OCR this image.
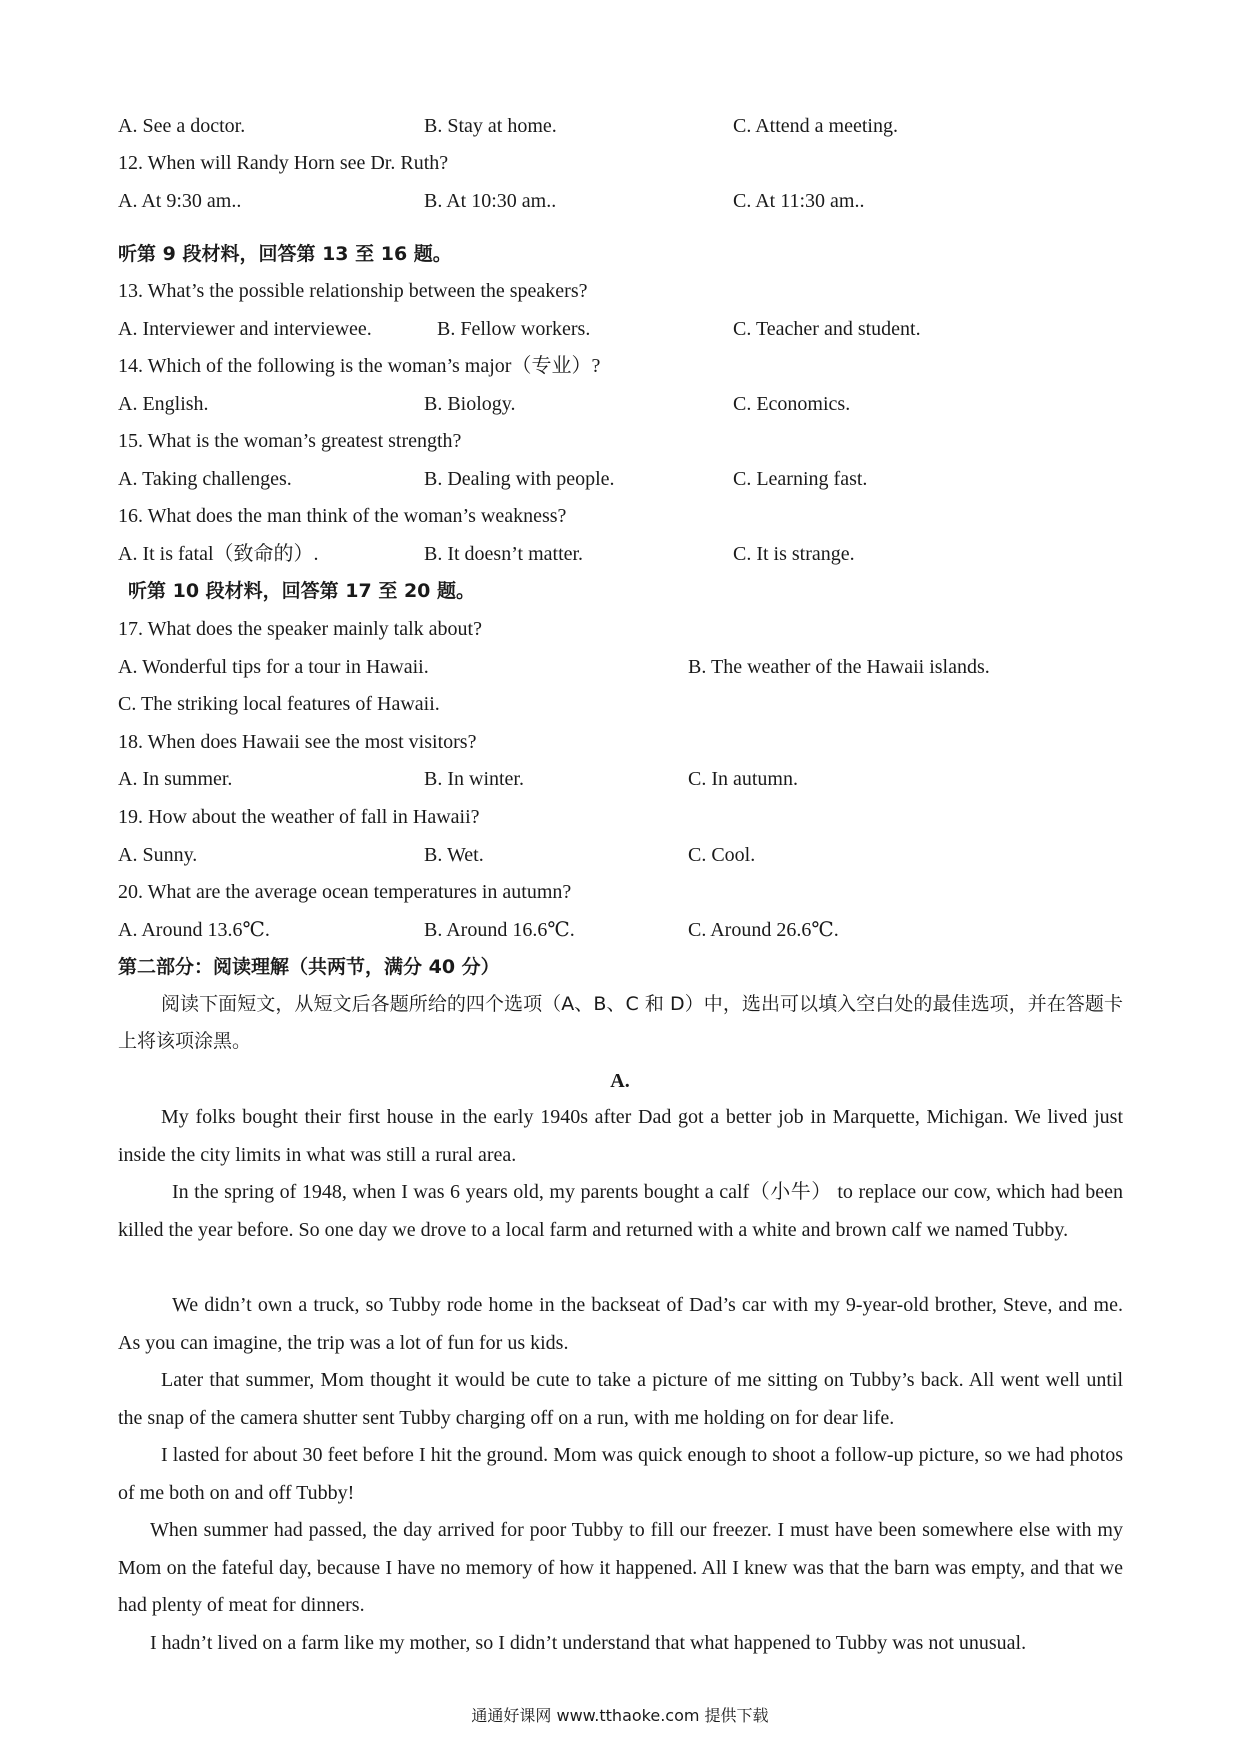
A. See a doctor.	B. Stay at home.	C. Attend a meeting.
12. When will Randy Horn see Dr. Ruth?
A. At 9:30 am..	B. At 10:30 am..	C. At 11:30 am..
听第 9 段材料，回答第 13 至 16 题。
13. What’s the possible relationship between the speakers?
A. Interviewer and interviewee.	B. Fellow workers.	C. Teacher and student.
14. Which of the following is the woman’s major（专业）?
A. English.	B. Biology.	C. Economics.
15. What is the woman’s greatest strength?
A. Taking challenges.	B. Dealing with people.	C. Learning fast.
16. What does the man think of the woman’s weakness?
A. It is fatal（致命的）.	B. It doesn’t matter.	C. It is strange.
听第 10 段材料，回答第 17 至 20 题。
17. What does the speaker mainly talk about?
A. Wonderful tips for a tour in Hawaii.	B. The weather of the Hawaii islands.
C. The striking local features of Hawaii.
18. When does Hawaii see the most visitors?
A. In summer.	B. In winter.	C. In autumn.
19. How about the weather of fall in Hawaii?
A. Sunny.	B. Wet.	C. Cool.
20. What are the average ocean temperatures in autumn?
A. Around 13.6℃.	B. Around 16.6℃.	C. Around 26.6℃.
第二部分：阅读理解（共两节，满分 40 分）
阅读下面短文，从短文后各题所给的四个选项（A、B、C 和 D）中，选出可以填入空白处的最佳选项，并在答题卡上将该项涂黑。
A.
My folks bought their first house in the early 1940s after Dad got a better job in Marquette, Michigan. We lived just inside the city limits in what was still a rural area.
In the spring of 1948, when I was 6 years old, my parents bought a calf（小牛） to replace our cow, which had been killed the year before. So one day we drove to a local farm and returned with a white and brown calf we named Tubby.
We didn’t own a truck, so Tubby rode home in the backseat of Dad’s car with my 9-year-old brother, Steve, and me. As you can imagine, the trip was a lot of fun for us kids.
Later that summer, Mom thought it would be cute to take a picture of me sitting on Tubby’s back. All went well until the snap of the camera shutter sent Tubby charging off on a run, with me holding on for dear life.
I lasted for about 30 feet before I hit the ground. Mom was quick enough to shoot a follow-up picture, so we had photos of me both on and off Tubby!
When summer had passed, the day arrived for poor Tubby to fill our freezer. I must have been somewhere else with my Mom on the fateful day, because I have no memory of how it happened. All I knew was that the barn was empty, and that we had plenty of meat for dinners.
I hadn’t lived on a farm like my mother, so I didn’t understand that what happened to Tubby was not unusual.
通通好课网 www.tthaoke.com 提供下载
